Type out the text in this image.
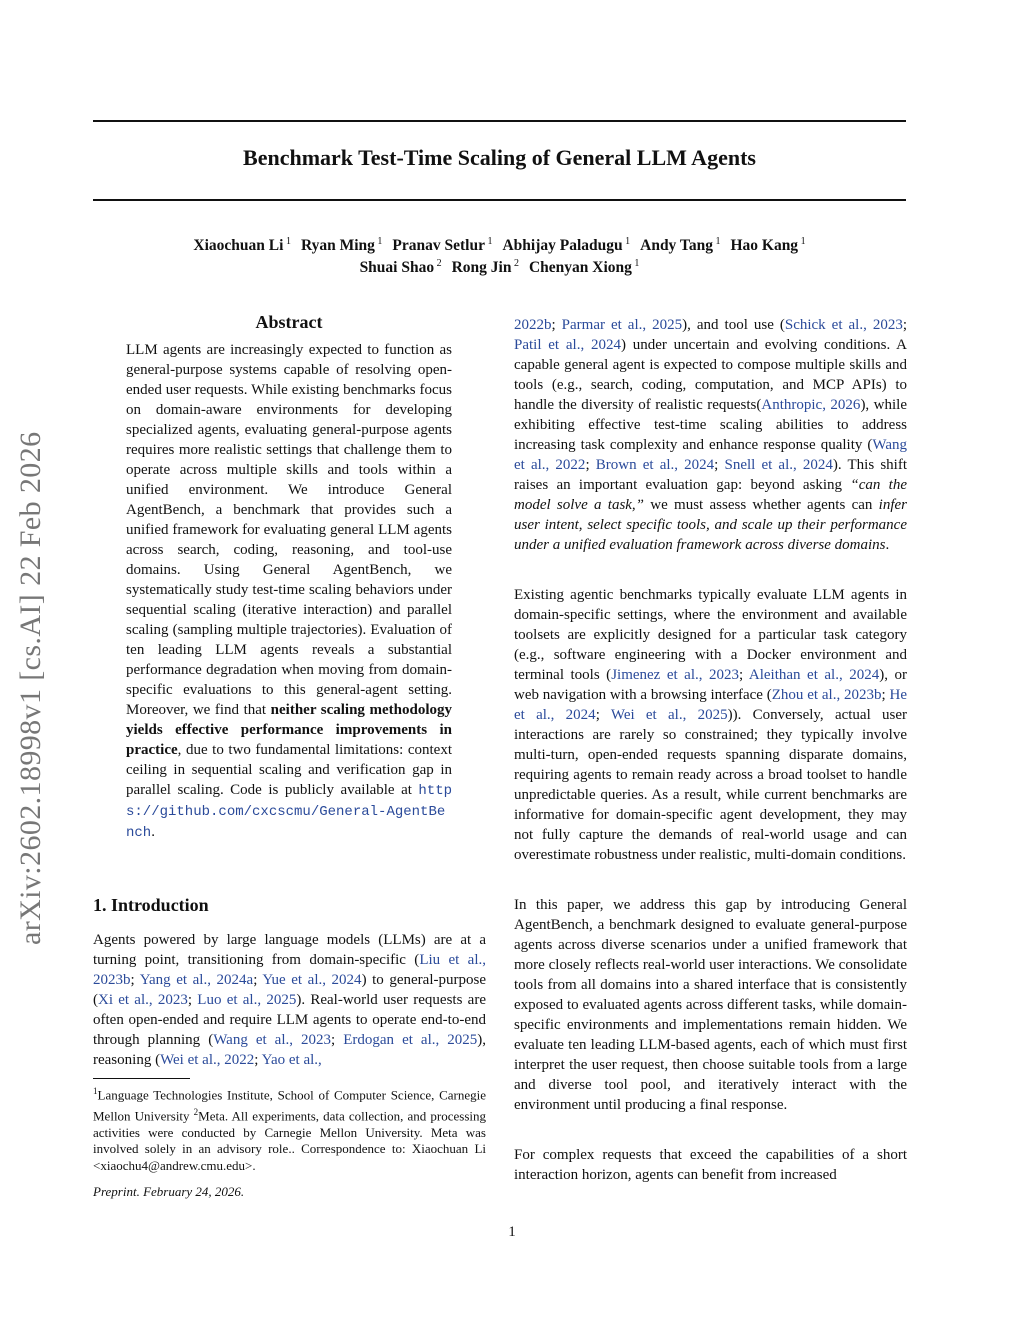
Benchmark Test-Time Scaling of General LLM Agents
Xiaochuan Li $^1$ Ryan Ming $^1$ Pranav Setlur $^1$ Abhijay Paladugu $^1$ Andy Tang $^1$ Hao Kang $^1$
Shuai Shao $^2$ Rong Jin $^2$ Chenyan Xiong $^1$
arXiv:2602.18998v1 [cs.AI] 22 Feb 2026
Abstract
LLM agents are increasingly expected to function as general-purpose systems capable of resolving open-ended user requests. While existing benchmarks focus on domain-aware environments for developing specialized agents, evaluating general-purpose agents requires more realistic settings that challenge them to operate across multiple skills and tools within a unified environment. We introduce General AgentBench, a benchmark that provides such a unified framework for evaluating general LLM agents across search, coding, reasoning, and tool-use domains. Using General AgentBench, we systematically study test-time scaling behaviors under sequential scaling (iterative interaction) and parallel scaling (sampling multiple trajectories). Evaluation of ten leading LLM agents reveals a substantial performance degradation when moving from domain-specific evaluations to this general-agent setting. Moreover, we find that neither scaling methodology yields effective performance improvements in practice, due to two fundamental limitations: context ceiling in sequential scaling and verification gap in parallel scaling. Code is publicly available at https://github.com/cxcscmu/General-AgentBench.
1. Introduction
Agents powered by large language models (LLMs) are at a turning point, transitioning from domain-specific (Liu et al., 2023b; Yang et al., 2024a; Yue et al., 2024) to general-purpose (Xi et al., 2023; Luo et al., 2025). Real-world user requests are often open-ended and require LLM agents to operate end-to-end through planning (Wang et al., 2023; Erdogan et al., 2025), reasoning (Wei et al., 2022; Yao et al.,
$^1$Language Technologies Institute, School of Computer Science, Carnegie Mellon University $^2$Meta. All experiments, data collection, and processing activities were conducted by Carnegie Mellon University. Meta was involved solely in an advisory role.. Correspondence to: Xiaochuan Li <xiaochu4@andrew.cmu.edu>.
Preprint. February 24, 2026.
1
2022b; Parmar et al., 2025), and tool use (Schick et al., 2023; Patil et al., 2024) under uncertain and evolving conditions. A capable general agent is expected to compose multiple skills and tools (e.g., search, coding, computation, and MCP APIs) to handle the diversity of realistic requests(Anthropic, 2026), while exhibiting effective test-time scaling abilities to address increasing task complexity and enhance response quality (Wang et al., 2022; Brown et al., 2024; Snell et al., 2024). This shift raises an important evaluation gap: beyond asking “can the model solve a task,” we must assess whether agents can infer user intent, select specific tools, and scale up their performance under a unified evaluation framework across diverse domains.
Existing agentic benchmarks typically evaluate LLM agents in domain-specific settings, where the environment and available toolsets are explicitly designed for a particular task category (e.g., software engineering with a Docker environment and terminal tools (Jimenez et al., 2023; Aleithan et al., 2024), or web navigation with a browsing interface (Zhou et al., 2023b; He et al., 2024; Wei et al., 2025)). Conversely, actual user interactions are rarely so constrained; they typically involve multi-turn, open-ended requests spanning disparate domains, requiring agents to remain ready across a broad toolset to handle unpredictable queries. As a result, while current benchmarks are informative for domain-specific agent development, they may not fully capture the demands of real-world usage and can overestimate robustness under realistic, multi-domain conditions.
In this paper, we address this gap by introducing General AgentBench, a benchmark designed to evaluate general-purpose agents across diverse scenarios under a unified framework that more closely reflects real-world user interactions. We consolidate tools from all domains into a shared interface that is consistently exposed to evaluated agents across different tasks, while domain-specific environments and implementations remain hidden. We evaluate ten leading LLM-based agents, each of which must first interpret the user request, then choose suitable tools from a large and diverse tool pool, and iteratively interact with the environment until producing a final response.
For complex requests that exceed the capabilities of a short interaction horizon, agents can benefit from increased
